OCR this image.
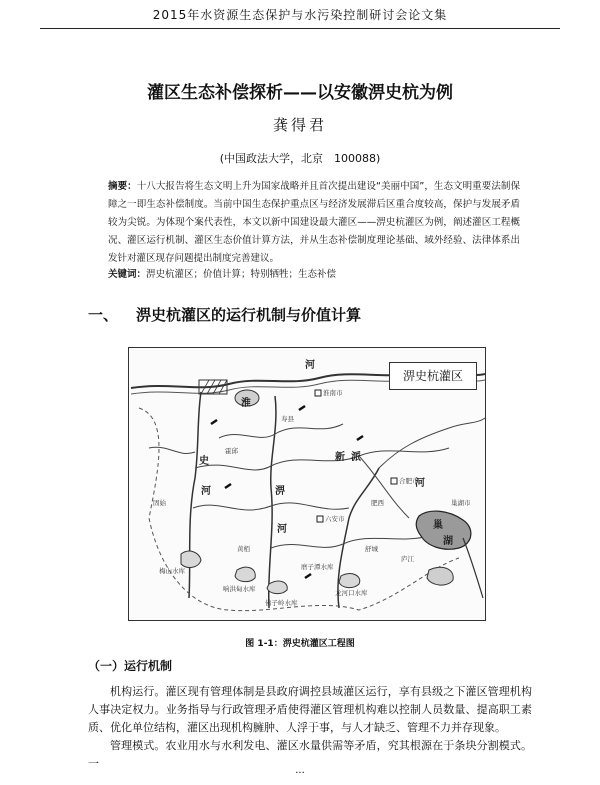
2015年水资源生态保护与水污染控制研讨会论文集
灌区生态补偿探析——以安徽淠史杭为例
龚得君
(中国政法大学，北京　100088)
摘要：十八大报告将生态文明上升为国家战略并且首次提出建设“美丽中国”，生态文明重要法制保障之一即生态补偿制度。当前中国生态保护重点区与经济发展滞后区重合度较高，保护与发展矛盾较为尖锐。为体现个案代表性，本文以新中国建设最大灌区——淠史杭灌区为例，阐述灌区工程概况、灌区运行机制、灌区生态价值计算方法，并从生态补偿制度理论基础、域外经验、法律体系出发针对灌区现存问题提出制度完善建议。
关键词：淠史杭灌区；价值计算；特别牺牲；生态补偿
一、 淠史杭灌区的运行机制与价值计算
淠史杭灌区
河
淮
史
河	淠
河
新 派
河
巢
湖
淮南市
合肥市
六安市
寿县
固始
霍邱
舒城
肥西
梅山水库
响洪甸水库
佛子岭水库
磨子潭水库
龙河口水库
黄栢
庐江
巢湖市
图 1-1：淠史杭灌区工程图
（一）运行机制

机构运行。灌区现有管理体制是县政府调控县域灌区运行，享有县级之下灌区管理机构人事决定权力。业务指导与行政管理矛盾使得灌区管理机构难以控制人员数量、提高职工素质、优化单位结构，灌区出现机构臃肿、人浮于事，与人才缺乏、管理不力并存现象。

管理模式。农业用水与水利发电、灌区水量供需等矛盾，究其根源在于条块分割模式。一

···
